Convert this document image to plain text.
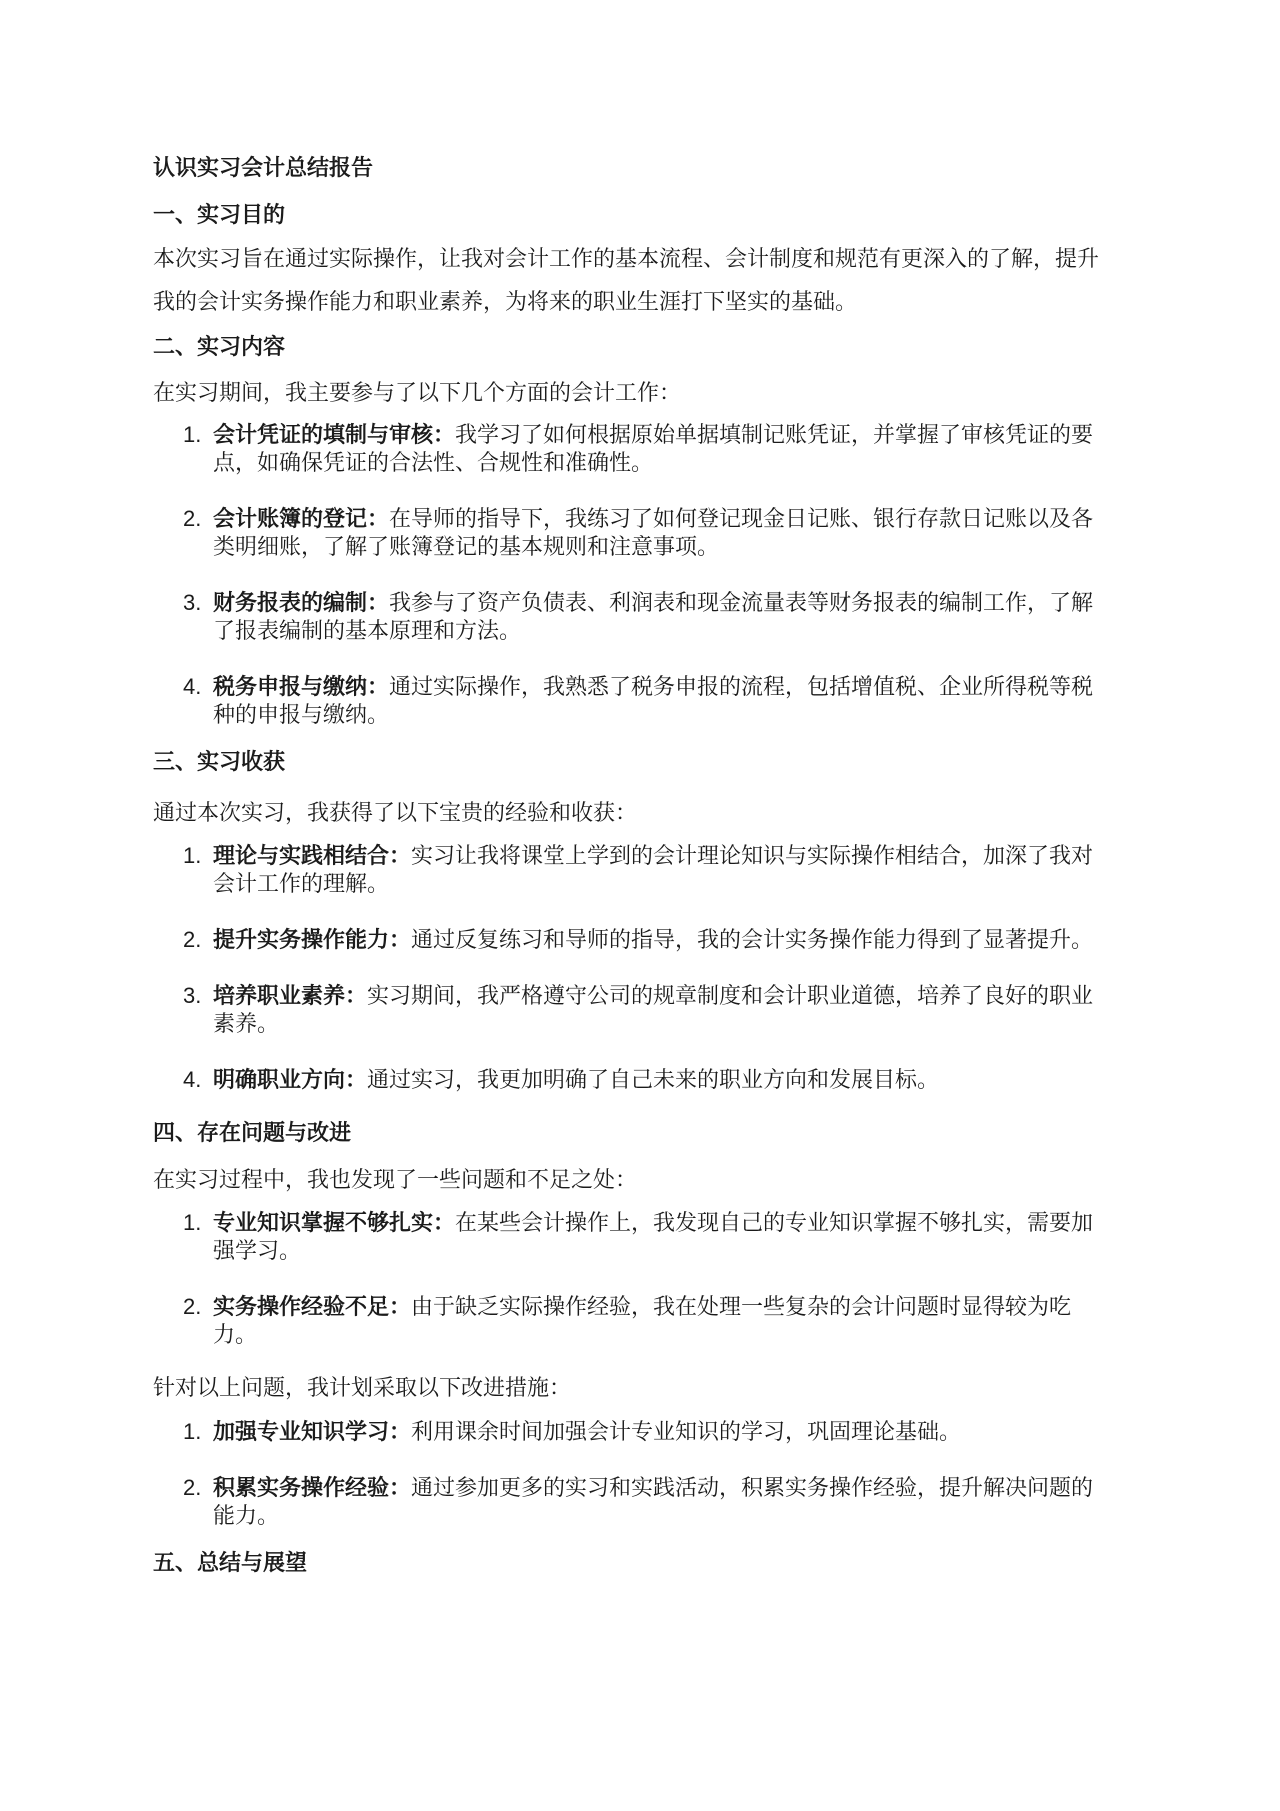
认识实习会计总结报告

一、实习目的

本次实习旨在通过实际操作，让我对会计工作的基本流程、会计制度和规范有更深入的了解，提升我的会计实务操作能力和职业素养，为将来的职业生涯打下坚实的基础。

二、实习内容

在实习期间，我主要参与了以下几个方面的会计工作：

1. 会计凭证的填制与审核：我学习了如何根据原始单据填制记账凭证，并掌握了审核凭证的要点，如确保凭证的合法性、合规性和准确性。
2. 会计账簿的登记：在导师的指导下，我练习了如何登记现金日记账、银行存款日记账以及各类明细账，了解了账簿登记的基本规则和注意事项。
3. 财务报表的编制：我参与了资产负债表、利润表和现金流量表等财务报表的编制工作，了解了报表编制的基本原理和方法。
4. 税务申报与缴纳：通过实际操作，我熟悉了税务申报的流程，包括增值税、企业所得税等税种的申报与缴纳。
三、实习收获

通过本次实习，我获得了以下宝贵的经验和收获：

1. 理论与实践相结合：实习让我将课堂上学到的会计理论知识与实际操作相结合，加深了我对会计工作的理解。
2. 提升实务操作能力：通过反复练习和导师的指导，我的会计实务操作能力得到了显著提升。
3. 培养职业素养：实习期间，我严格遵守公司的规章制度和会计职业道德，培养了良好的职业素养。
4. 明确职业方向：通过实习，我更加明确了自己未来的职业方向和发展目标。
四、存在问题与改进

在实习过程中，我也发现了一些问题和不足之处：

1. 专业知识掌握不够扎实：在某些会计操作上，我发现自己的专业知识掌握不够扎实，需要加强学习。
2. 实务操作经验不足：由于缺乏实际操作经验，我在处理一些复杂的会计问题时显得较为吃力。

针对以上问题，我计划采取以下改进措施：

1. 加强专业知识学习：利用课余时间加强会计专业知识的学习，巩固理论基础。
2. 积累实务操作经验：通过参加更多的实习和实践活动，积累实务操作经验，提升解决问题的能力。
五、总结与展望
